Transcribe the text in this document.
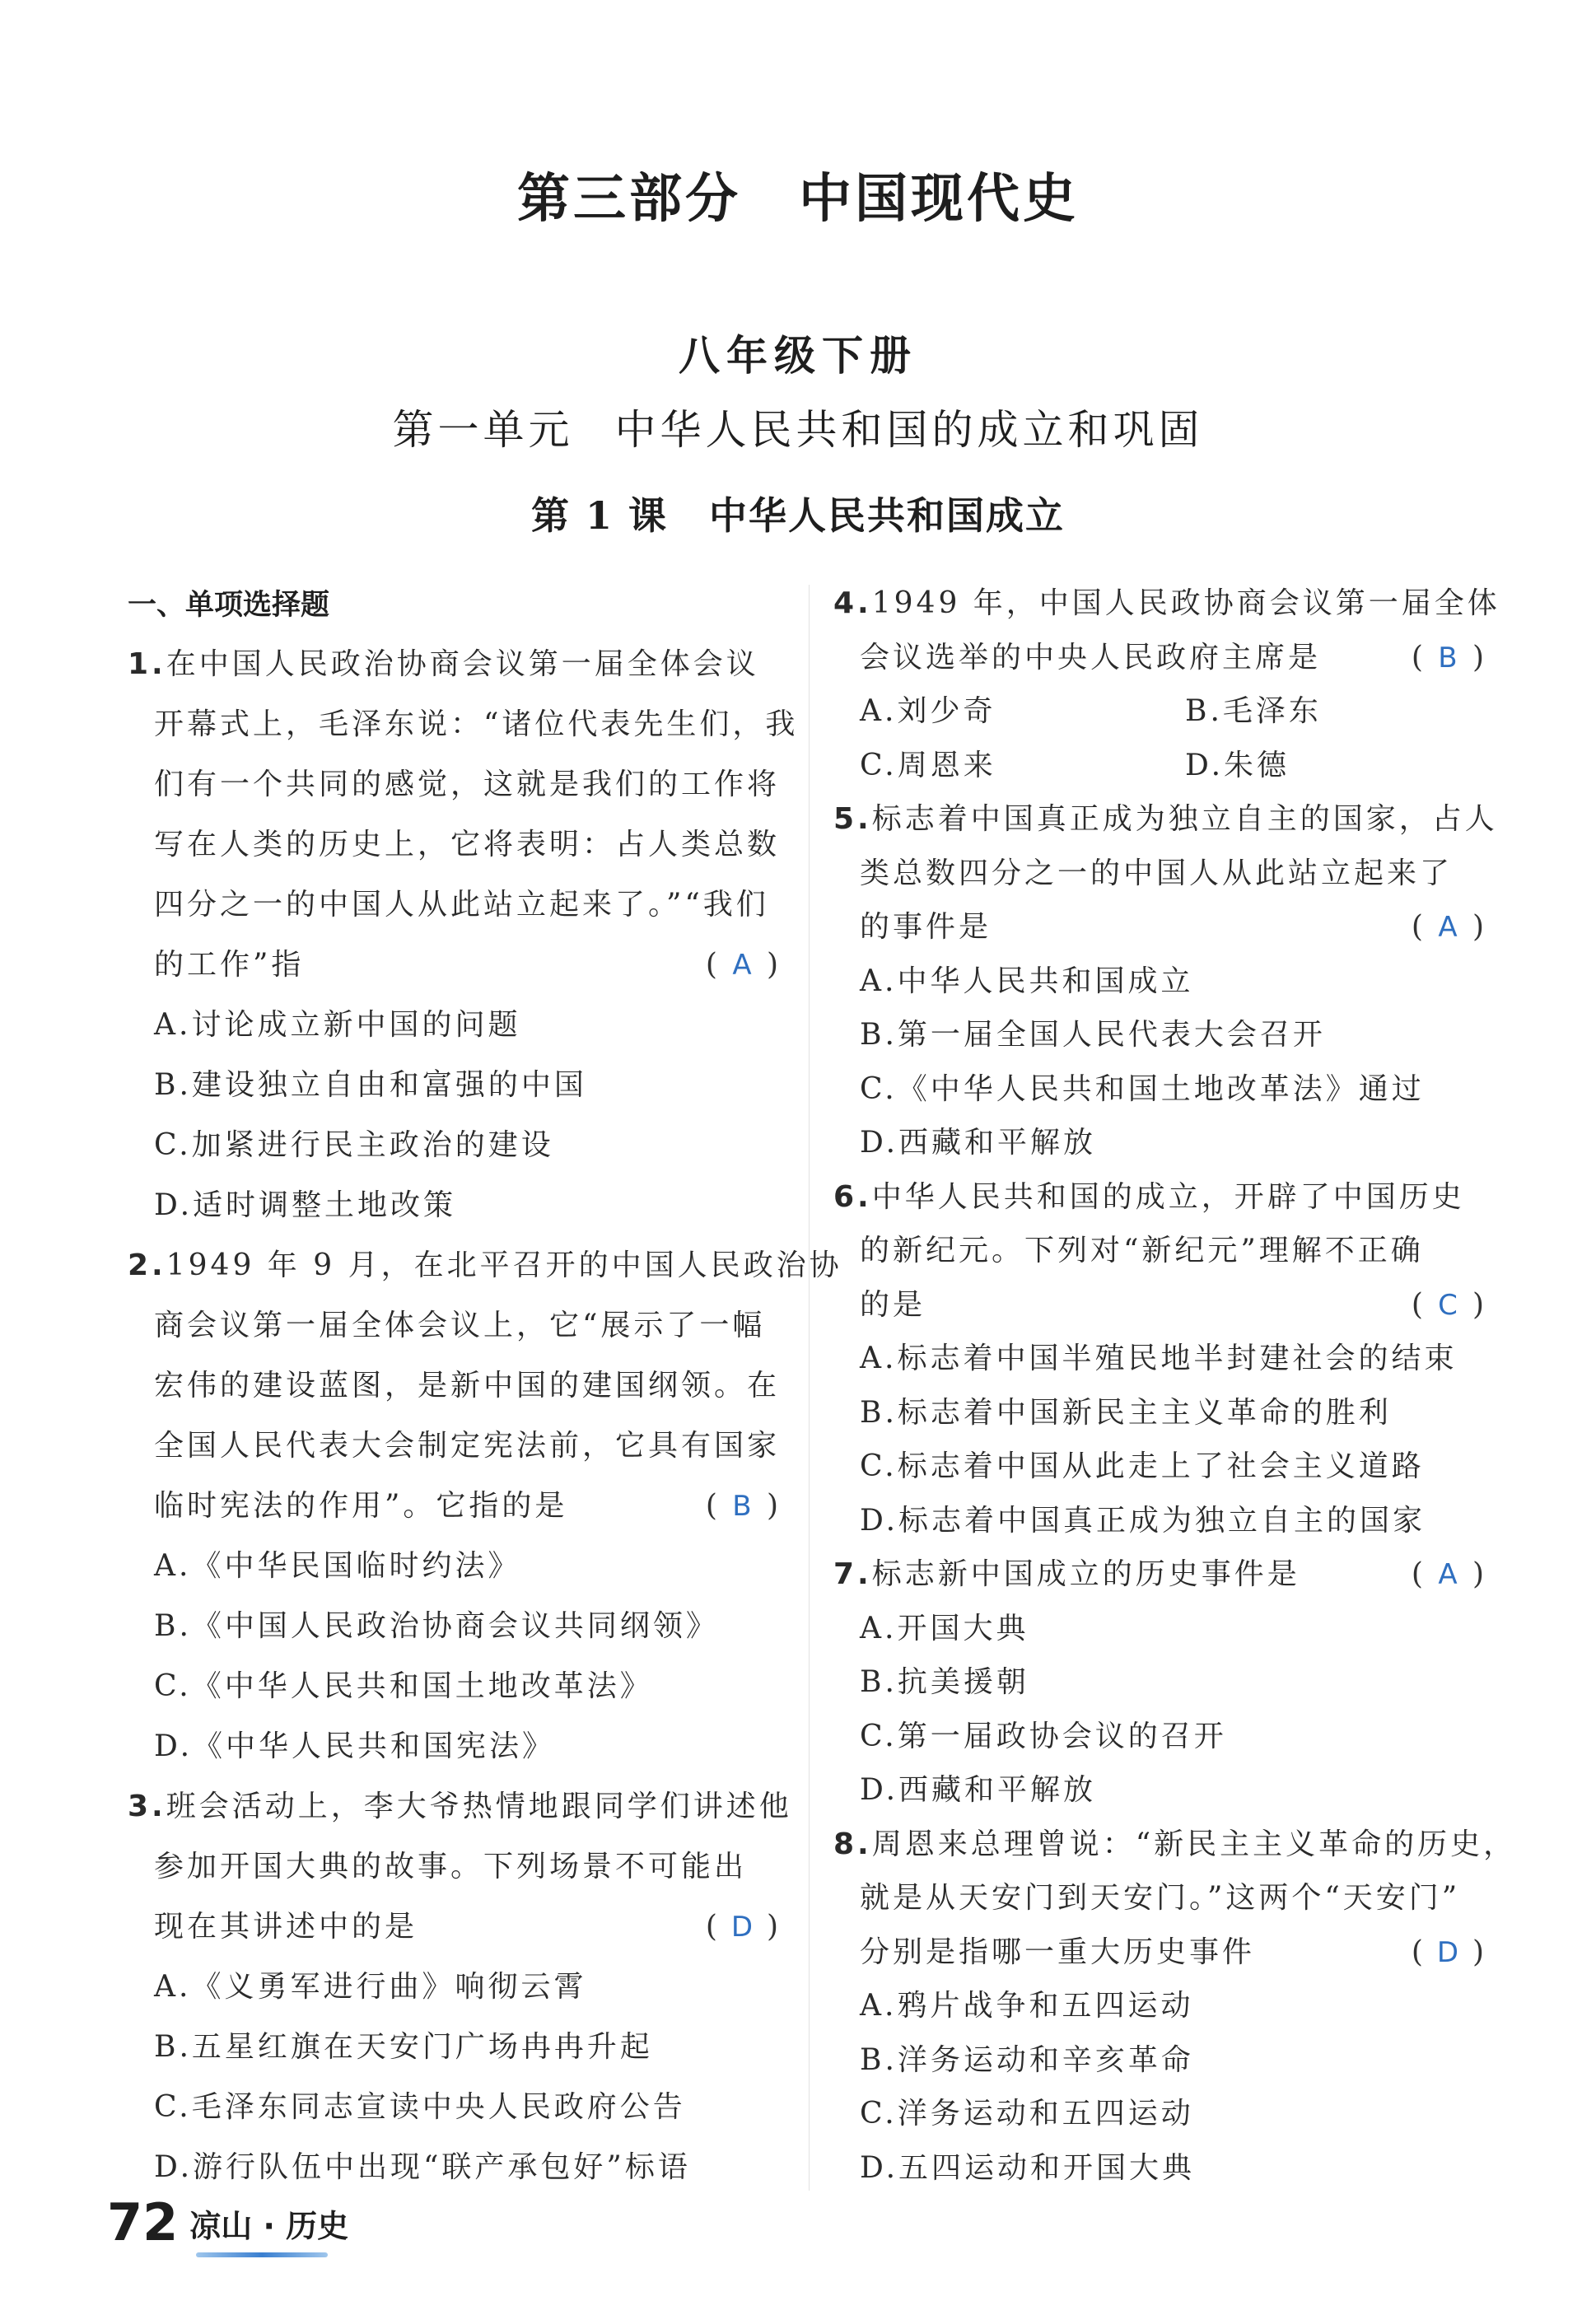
第三部分 中国现代史
八年级下册
第一单元 中华人民共和国的成立和巩固
第 1 课 中华人民共和国成立
一、单项选择题
1.在中国人民政治协商会议第一届全体会议
开幕式上，毛泽东说：“诸位代表先生们，我
们有一个共同的感觉，这就是我们的工作将
写在人类的历史上，它将表明：占人类总数
四分之一的中国人从此站立起来了。”“我们
的工作”指	( A )
A.讨论成立新中国的问题
B.建设独立自由和富强的中国
C.加紧进行民主政治的建设
D.适时调整土地改策
2.1949 年 9 月，在北平召开的中国人民政治协
商会议第一届全体会议上，它“展示了一幅
宏伟的建设蓝图，是新中国的建国纲领。在
全国人民代表大会制定宪法前，它具有国家
临时宪法的作用”。它指的是	( B )
A.《中华民国临时约法》
B.《中国人民政治协商会议共同纲领》
C.《中华人民共和国土地改革法》
D.《中华人民共和国宪法》
3.班会活动上，李大爷热情地跟同学们讲述他
参加开国大典的故事。下列场景不可能出
现在其讲述中的是	( D )
A.《义勇军进行曲》响彻云霄
B.五星红旗在天安门广场冉冉升起
C.毛泽东同志宣读中央人民政府公告
D.游行队伍中出现“联产承包好”标语
4.1949 年，中国人民政协商会议第一届全体
会议选举的中央人民政府主席是	( B )
A.刘少奇	B.毛泽东
C.周恩来	D.朱德
5.标志着中国真正成为独立自主的国家，占人
类总数四分之一的中国人从此站立起来了
的事件是	( A )
A.中华人民共和国成立
B.第一届全国人民代表大会召开
C.《中华人民共和国土地改革法》通过
D.西藏和平解放
6.中华人民共和国的成立，开辟了中国历史
的新纪元。下列对“新纪元”理解不正确
的是	( C )
A.标志着中国半殖民地半封建社会的结束
B.标志着中国新民主主义革命的胜利
C.标志着中国从此走上了社会主义道路
D.标志着中国真正成为独立自主的国家
7.标志新中国成立的历史事件是	( A )
A.开国大典
B.抗美援朝
C.第一届政协会议的召开
D.西藏和平解放
8.周恩来总理曾说：“新民主主义革命的历史，
就是从天安门到天安门。”这两个“天安门”
分别是指哪一重大历史事件	( D )
A.鸦片战争和五四运动
B.洋务运动和辛亥革命
C.洋务运动和五四运动
D.五四运动和开国大典
72 凉山 · 历史
